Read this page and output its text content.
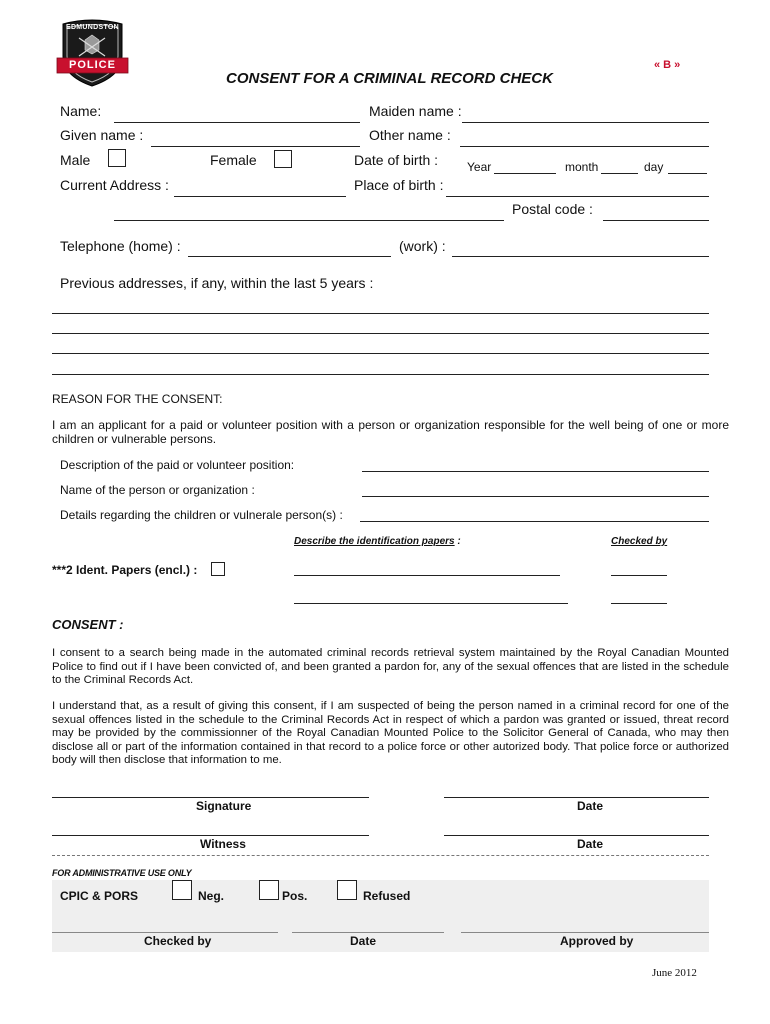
EDMUNDSTON
POLICE	« B »
CONSENT FOR A CRIMINAL RECORD CHECK
Name:	Maiden name :
Given name :	Other name :
Male	Female	Date of birth : Year	month	day
Current Address :	Place of birth :
Postal code :
Telephone (home) :	(work) :
Previous addresses, if any, within the last 5 years :
REASON FOR THE CONSENT:
I am an applicant for a paid or volunteer position with a person or organization responsible for the well being of one or more children or vulnerable persons.
Description of the paid or volunteer position:
Name of the person or organization :
Details regarding the children or vulnerale person(s) :
Describe the identification papers :	Checked by
***2 Ident. Papers (encl.) :
CONSENT :
I consent to a search being made in the automated criminal records retrieval system maintained by the Royal Canadian Mounted Police to find out if I have been convicted of, and been granted a pardon for, any of the sexual offences that are listed in the schedule to the Criminal Records Act.
I understand that, as a result of giving this consent, if I am suspected of being the person named in a criminal record for one of the sexual offences listed in the schedule to the Criminal Records Act in respect of which a pardon was granted or issued, threat record may be provided by the commissionner of the Royal Canadian Mounted Police to the Solicitor General of Canada, who may then disclose all or part of the information contained in that record to a police force or other autorized body. That police force or authorized body will then disclose that information to me.
Signature	Date
Witness	Date
FOR ADMINISTRATIVE USE ONLY
CPIC & PORS	Neg.	Pos.	Refused
Checked by	Date	Approved by
June 2012
